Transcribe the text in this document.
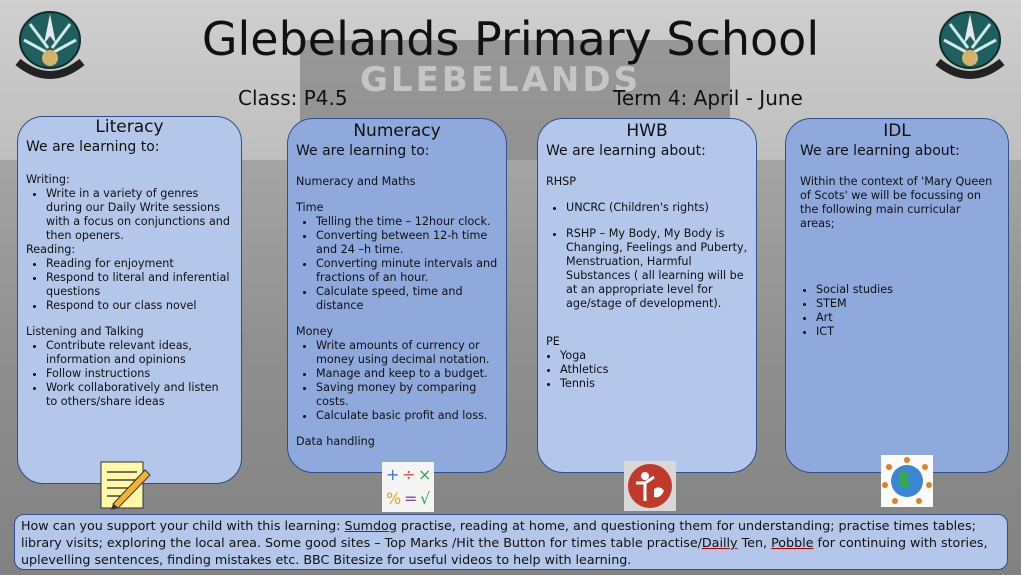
GLEBELANDS
Glebelands Primary School
Class: P4.5	Term 4: April - June
Literacy
We are learning to:
Writing:
• Write in a variety of genres during our Daily Write sessions with a focus on conjunctions and then openers.
Reading:
• Reading for enjoyment
• Respond to literal and inferential questions
• Respond to our class novel
Listening and Talking
• Contribute relevant ideas, information and opinions
• Follow instructions
• Work collaboratively and listen to others/share ideas
Numeracy
We are learning to:
Numeracy and Maths
Time
• Telling the time – 12hour clock.
• Converting between 12-h time and 24 –h time.
• Converting minute intervals and fractions of an hour.
• Calculate speed, time and distance
Money
• Write amounts of currency or money using decimal notation.
• Manage and keep to a budget.
• Saving money by comparing costs.
• Calculate basic profit and loss.
Data handling
HWB
We are learning about:
RHSP
• UNCRC (Children's rights)
• RSHP – My Body, My Body is Changing, Feelings and Puberty, Menstruation, Harmful Substances ( all learning will be at an appropriate level for age/stage of development).
PE
• Yoga
• Athletics
• Tennis
IDL
We are learning about:
Within the context of 'Mary Queen of Scots' we will be focussing on the following main curricular areas;
• Social studies
• STEM
• Art
• ICT
+ ÷ ×
% = √
How can you support your child with this learning: Sumdog practise, reading at home, and questioning them for understanding; practise times tables; library visits; exploring the local area. Some good sites – Top Marks /Hit the Button for times table practise/Dailly Ten, Pobble for continuing with stories, uplevelling sentences, finding mistakes etc. BBC Bitesize for useful videos to help with learning.
